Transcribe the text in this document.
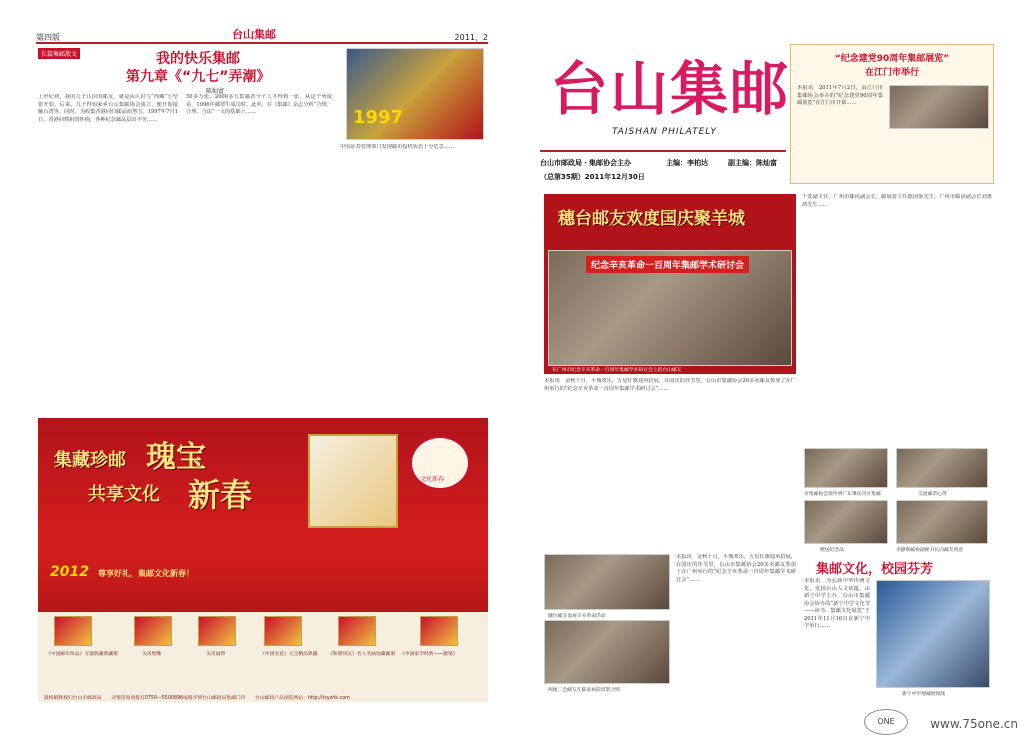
第四版	2011，2
台山集邮
长篇集邮散文	我的快乐集邮
第九章《“九七”弄潮》
陈灿富
上世纪初，我的几子认识的邮友，就是从认识与“西藏”小型张开始。后来，几子得知家乡台山集邮协会成立，便开始接触台湾等。同时，为收集香港回归邮品而努力。1997年7月1日，香港回到祖国怀抱，各种纪念邮品层出不穷……
50多万张。2000多万集邮者今个人才得到一张，从这个角度看，1996年邮票生成司时。此外，在《集邮》杂志分析“合情、合理、合法”一文的基础上……
中国证券管理部门发现邮市投机状态十分危急……
1997
集藏珍邮 瑰宝
共享文化 新春	文化新春
2012 尊享好礼，集邮文化新春！
《中国邮币珍品》专题收藏典藏册	关帝壁雕	关帝福祭	《中国名花》元宝精品典藏 《和谐同庆》名人名画珍藏邮册 《中国家学经典——激情》
最终解释权归台山市邮政局　　详情咨询请拨打0750—5500898或移步到台山邮政局集邮门市　　台山邮政产品浏览网站：http://tsyzhk.com
台山集邮
TAISHAN PHILATELY
台山市邮政局・集邮协会主办	主编：李柏达	副主编：陈灿富
（总第35期）2011年12月30日
“纪念建党90周年集邮展览”
在江门市举行
本报讯　2011年7月2日，由江门市集邮协会举办的“纪念建党90周年集邮展览”在江门市开幕……
穗台邮友欢度国庆聚羊城
纪念辛亥革命一百周年集邮学术研讨会
在广州市纪念辛亥革命一百周年集邮学术研讨会上的台山邮友
本报讯　金秋十月，平城欢乐，五星红旗迎风招展，在国庆的佳节里，台山市集邮协会20多名邮友参加了在广州举行的“纪念辛亥革命一百周年集邮学术研讨会”……
干处副主任，广州市邮协副会长、邮展委主任陈国鉴先生，广州市邮协副会长刘惠鸿先生……
穗台邮友参观辛亥革命活动
两地三会邮友在陈家祠前留影合照
本报讯　金秋十月，平城欢乐，五星红旗迎风招展，在国庆的佳节里，台山市集邮协会20多名邮友参加了在广州举行的“纪念辛亥革命一百周年集邮学术研讨会”……
市集邮协会领导到广东肇庆市区集邮	交流邮票心得
赠送纪念品	李静辉邮协副秘书长向邮友致意
集邮文化，校园芬芳
本报讯　为弘扬中华传统文化，发扬台山人文底蕴，由新宁中学主办，台山市集邮协会协办的“新宁中学文化节——读书、集邮文化展览”于2011年11月16日在新宁中学举行……
新宁中学展邮展现场
ONE	www.75one.cn
